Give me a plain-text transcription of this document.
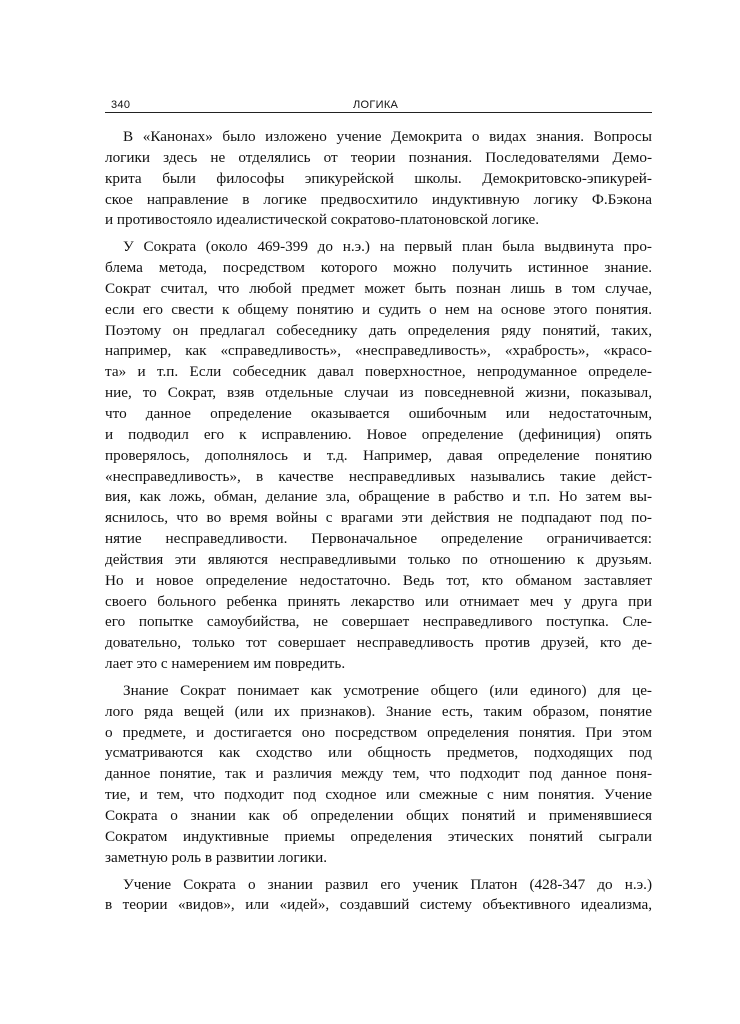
340	ЛОГИКА
В «Канонах» было изложено учение Демокрита о видах знания. Вопросы
логики здесь не отделялись от теории познания. Последователями Демо-
крита были философы эпикурейской школы. Демокритовско-эпикурей-
ское направление в логике предвосхитило индуктивную логику Ф.Бэкона
и противостояло идеалистической сократово-платоновской логике.
У Сократа (около 469-399 до н.э.) на первый план была выдвинута про-
блема метода, посредством которого можно получить истинное знание.
Сократ считал, что любой предмет может быть познан лишь в том случае,
если его свести к общему понятию и судить о нем на основе этого понятия.
Поэтому он предлагал собеседнику дать определения ряду понятий, таких,
например, как «справедливость», «несправедливость», «храбрость», «красо-
та» и т.п. Если собеседник давал поверхностное, непродуманное определе-
ние, то Сократ, взяв отдельные случаи из повседневной жизни, показывал,
что данное определение оказывается ошибочным или недостаточным,
и подводил его к исправлению. Новое определение (дефиниция) опять
проверялось, дополнялось и т.д. Например, давая определение понятию
«несправедливость», в качестве несправедливых назывались такие дейст-
вия, как ложь, обман, делание зла, обращение в рабство и т.п. Но затем вы-
яснилось, что во время войны с врагами эти действия не подпадают под по-
нятие несправедливости. Первоначальное определение ограничивается:
действия эти являются несправедливыми только по отношению к друзьям.
Но и новое определение недостаточно. Ведь тот, кто обманом заставляет
своего больного ребенка принять лекарство или отнимает меч у друга при
его попытке самоубийства, не совершает несправедливого поступка. Сле-
довательно, только тот совершает несправедливость против друзей, кто де-
лает это с намерением им повредить.
Знание Сократ понимает как усмотрение общего (или единого) для це-
лого ряда вещей (или их признаков). Знание есть, таким образом, понятие
о предмете, и достигается оно посредством определения понятия. При этом
усматриваются как сходство или общность предметов, подходящих под
данное понятие, так и различия между тем, что подходит под данное поня-
тие, и тем, что подходит под сходное или смежные с ним понятия. Учение
Сократа о знании как об определении общих понятий и применявшиеся
Сократом индуктивные приемы определения этических понятий сыграли
заметную роль в развитии логики.
Учение Сократа о знании развил его ученик Платон (428-347 до н.э.)
в теории «видов», или «идей», создавший систему объективного идеализма,
